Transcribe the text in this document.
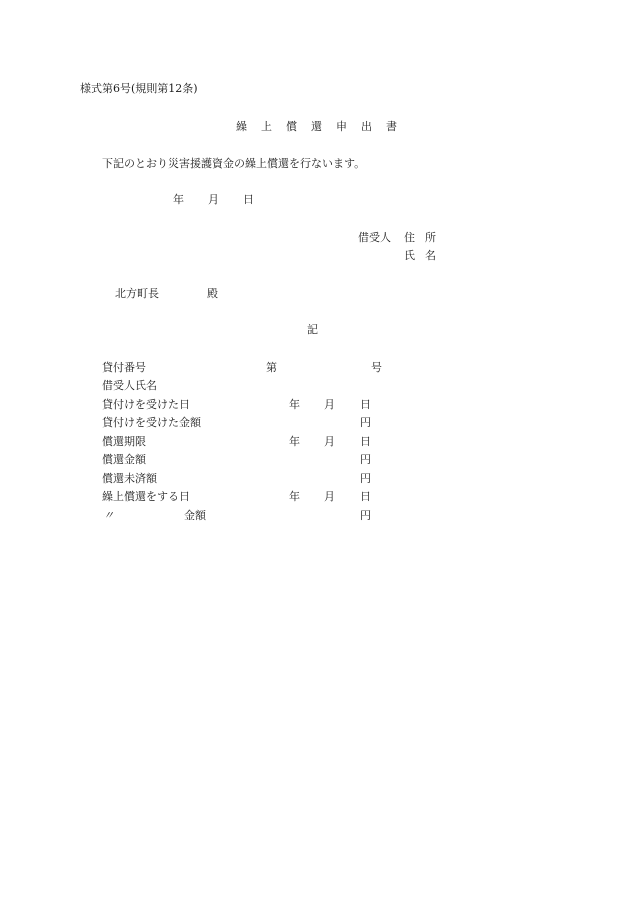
様式第6号(規則第12条)
繰 上 償 還 申 出 書
下記のとおり災害援護資金の繰上償還を行ないます。
年 月 日
借受人 住 所
氏 名
北方町長	殿
記
貸付番号	第	号
借受人氏名
貸付けを受けた日	年 月 日
貸付けを受けた金額	円
償還期限	年 月 日
償還金額	円
償還未済額	円
繰上償還をする日	年 月 日
〃	金額	円
